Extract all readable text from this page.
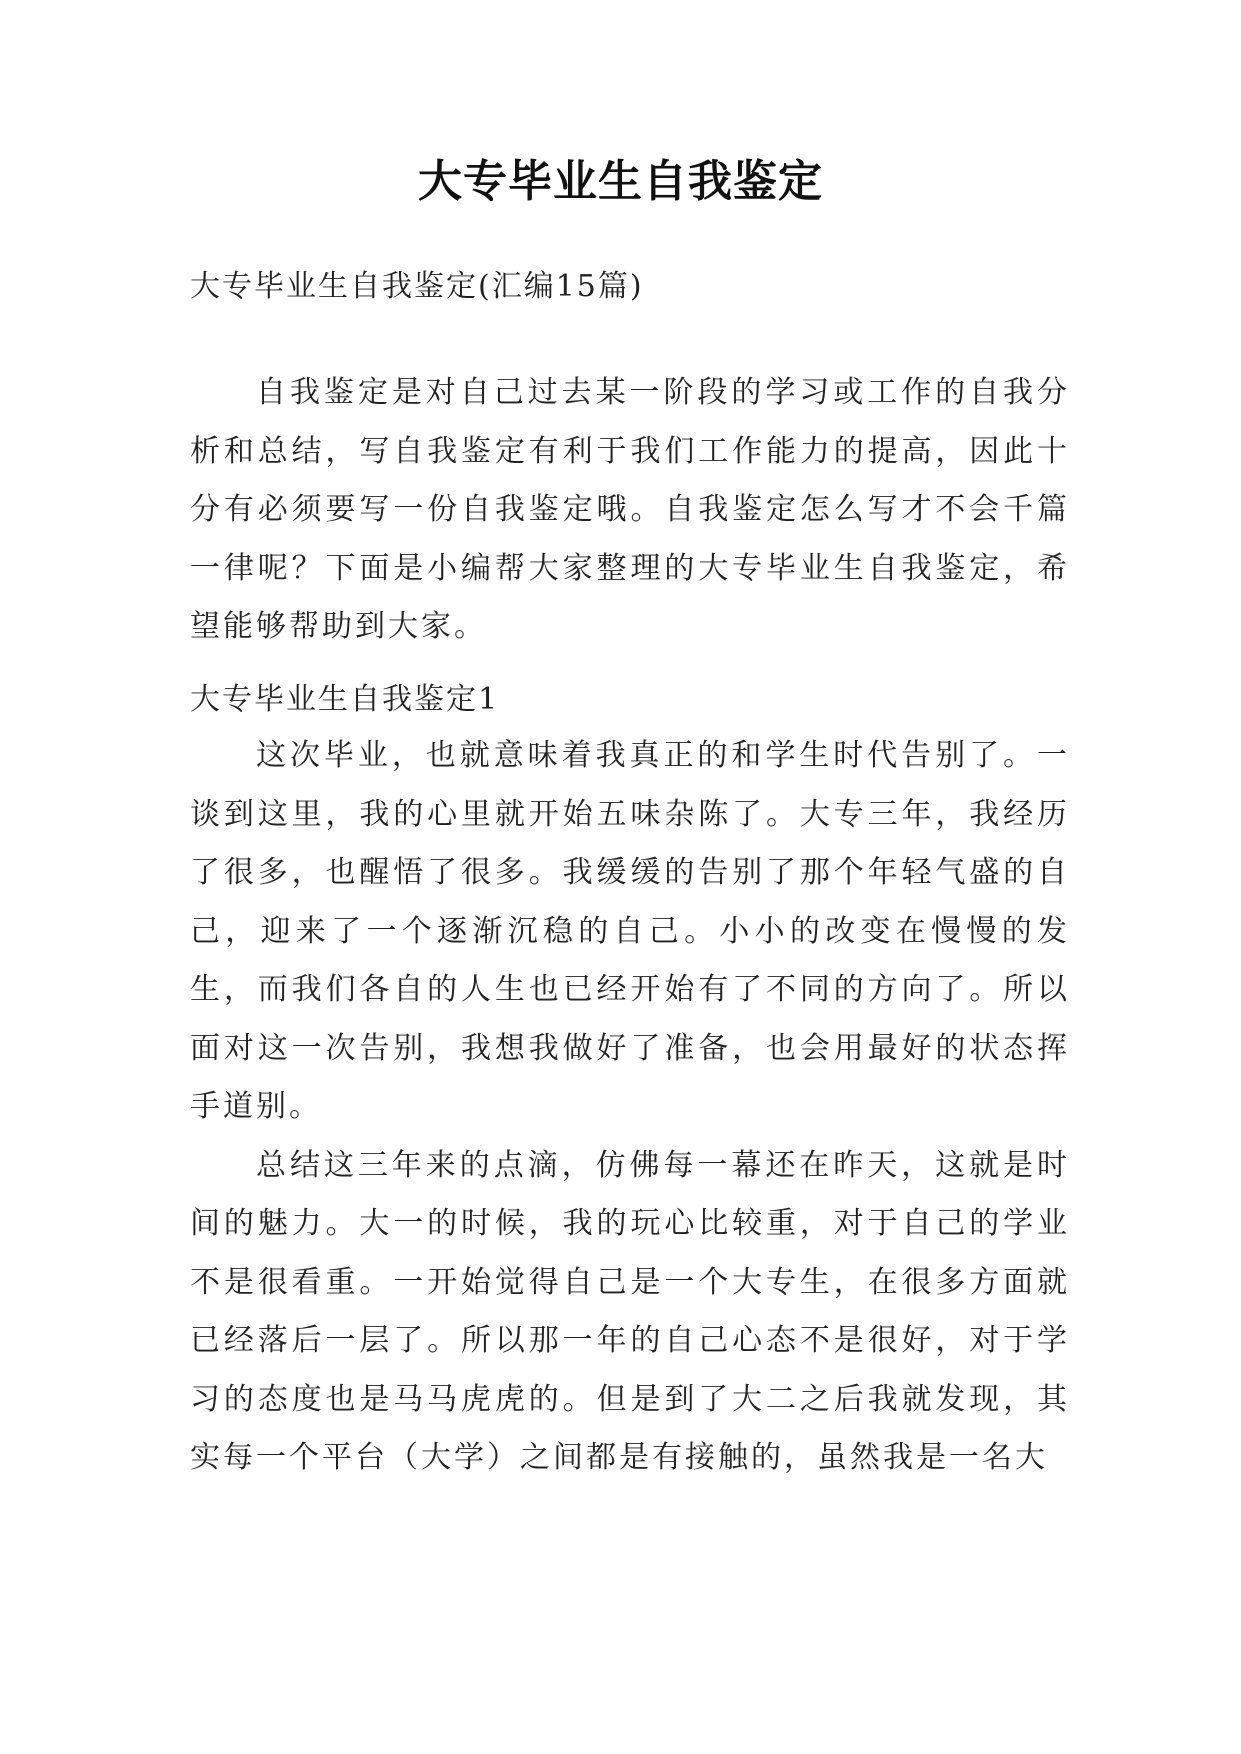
大专毕业生自我鉴定
大专毕业生自我鉴定(汇编15篇)

自我鉴定是对自己过去某一阶段的学习或工作的自我分析和总结，写自我鉴定有利于我们工作能力的提高，因此十分有必须要写一份自我鉴定哦。自我鉴定怎么写才不会千篇一律呢？下面是小编帮大家整理的大专毕业生自我鉴定，希望能够帮助到大家。

大专毕业生自我鉴定1

这次毕业，也就意味着我真正的和学生时代告别了。一谈到这里，我的心里就开始五味杂陈了。大专三年，我经历了很多，也醒悟了很多。我缓缓的告别了那个年轻气盛的自己，迎来了一个逐渐沉稳的自己。小小的改变在慢慢的发生，而我们各自的人生也已经开始有了不同的方向了。所以面对这一次告别，我想我做好了准备，也会用最好的状态挥手道别。

总结这三年来的点滴，仿佛每一幕还在昨天，这就是时间的魅力。大一的时候，我的玩心比较重，对于自己的学业不是很看重。一开始觉得自己是一个大专生，在很多方面就已经落后一层了。所以那一年的自己心态不是很好，对于学习的态度也是马马虎虎的。但是到了大二之后我就发现，其实每一个平台（大学）之间都是有接触的，虽然我是一名大
